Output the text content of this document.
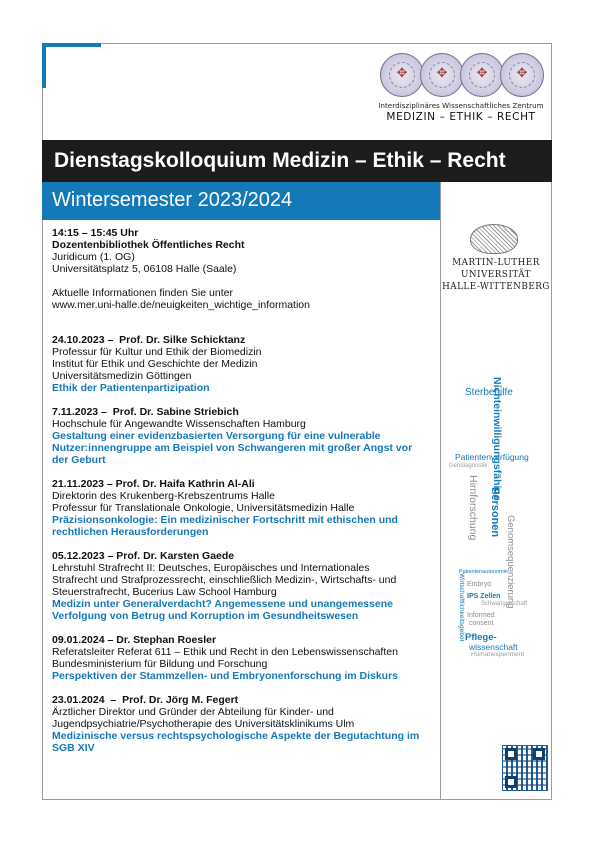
✥	✥	✥	✥
Interdisziplinäres Wissenschaftliches Zentrum
MEDIZIN – ETHIK – RECHT
Dienstagskolloquium Medizin – Ethik – Recht
Wintersemester 2023/2024
MARTIN-LUTHER
UNIVERSITÄT
HALLE-WITTENBERG

14:15 – 15:45 Uhr

Dozentenbibliothek Öffentliches Recht

Juridicum (1. OG)

Universitätsplatz 5, 06108 Halle (Saale)

Aktuelle Informationen finden Sie unter

www.mer.uni-halle.de/neuigkeiten_wichtige_information

24.10.2023 –  Prof. Dr. Silke Schicktanz
Professur für Kultur und Ethik der Biomedizin
Institut für Ethik und Geschichte der Medizin
Universitätsmedizin Göttingen
Ethik der Patientenpartizipation
7.11.2023 –  Prof. Dr. Sabine Striebich
Hochschule für Angewandte Wissenschaften Hamburg
Gestaltung einer evidenzbasierten Versorgung für eine vulnerable
Nutzer:innengruppe am Beispiel von Schwangeren mit großer Angst vor
der Geburt
21.11.2023 – Prof. Dr. Haifa Kathrin Al-Ali
Direktorin des Krukenberg-Krebszentrums Halle
Professur für Translationale Onkologie, Universitätsmedizin Halle
Präzisionsonkologie: Ein medizinischer Fortschritt mit ethischen und
rechtlichen Herausforderungen
05.12.2023 – Prof. Dr. Karsten Gaede
Lehrstuhl Strafrecht II: Deutsches, Europäisches und Internationales
Strafrecht und Strafprozessrecht, einschließlich Medizin-, Wirtschafts- und
Steuerstrafrecht, Bucerius Law School Hamburg
Medizin unter Generalverdacht? Angemessene und unangemessene
Verfolgung von Betrug und Korruption im Gesundheitswesen
09.01.2024 – Dr. Stephan Roesler
Referatsleiter Referat 611 – Ethik und Recht in den Lebenswissenschaften
Bundesministerium für Bildung und Forschung
Perspektiven der Stammzellen- und Embryonenforschung im Diskurs
23.01.2024  –  Prof. Dr. Jörg M. Fegert
Ärztlicher Direktor und Gründer der Abteilung für Kinder- und
Jugendpsychiatrie/Psychotherapie des Universitätsklinikums Ulm
Medizinische versus rechtspsychologische Aspekte der Begutachtung im
SGB XIV
Sterbehilfe
Nichteinwilligungsfähige
Personen
Patientenverfügung
Hirnforschung
Genomsequenzierung
Pflege-
wissenschaft
IPS Zellen
Embryo
Wirtschaftlichkeitsgebot Informed
consent
Humanexperiment
Gendiagnostik
Patientenautonomie
Schwangerschaft
